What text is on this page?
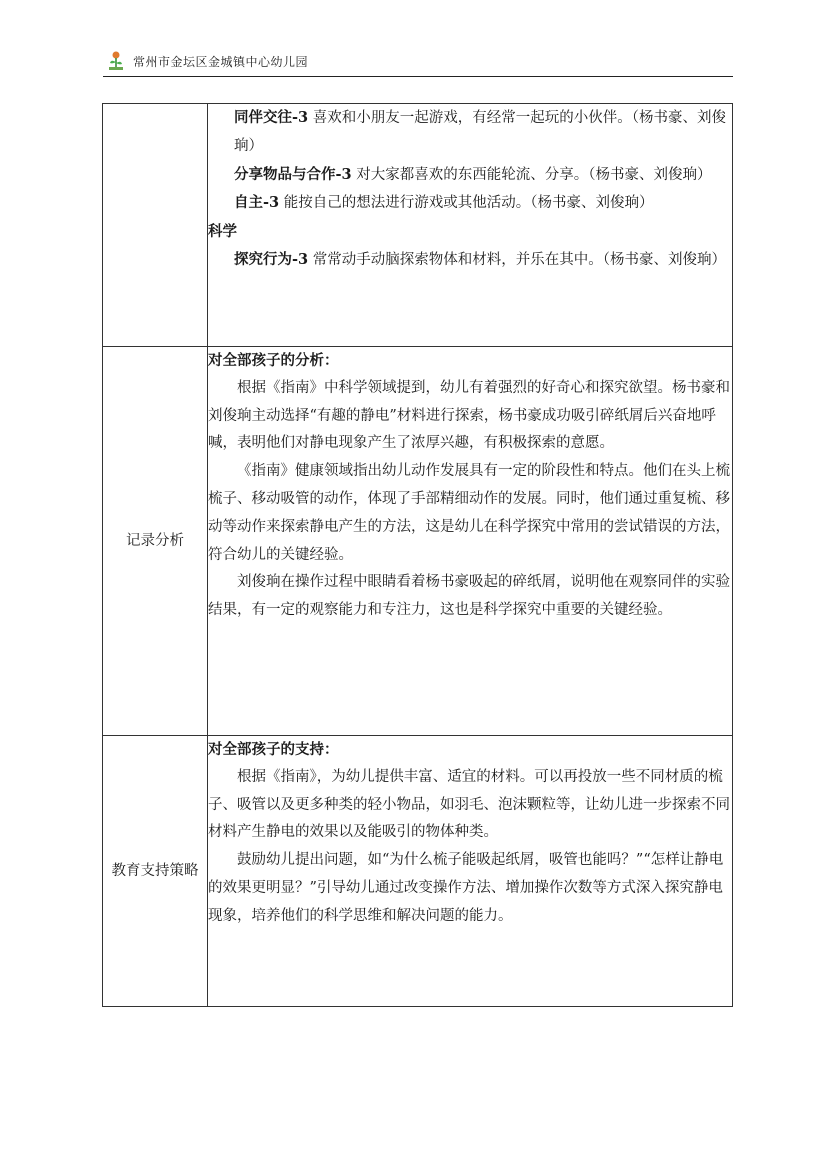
常州市金坛区金城镇中心幼儿园

	同伴交往-3 喜欢和小朋友一起游戏，有经常一起玩的小伙伴。（杨书豪、刘俊珦）

分享物品与合作-3 对大家都喜欢的东西能轮流、分享。（杨书豪、刘俊珦）

自主-3 能按自己的想法进行游戏或其他活动。（杨书豪、刘俊珦）

科学

探究行为-3 常常动手动脑探索物体和材料，并乐在其中。（杨书豪、刘俊珦）

记录分析	对全部孩子的分析：

根据《指南》中科学领域提到，幼儿有着强烈的好奇心和探究欲望。杨书豪和刘俊珦主动选择“有趣的静电”材料进行探索，杨书豪成功吸引碎纸屑后兴奋地呼喊，表明他们对静电现象产生了浓厚兴趣，有积极探索的意愿。

《指南》健康领域指出幼儿动作发展具有一定的阶段性和特点。他们在头上梳梳子、移动吸管的动作，体现了手部精细动作的发展。同时，他们通过重复梳、移动等动作来探索静电产生的方法，这是幼儿在科学探究中常用的尝试错误的方法，符合幼儿的关键经验。

刘俊珦在操作过程中眼睛看着杨书豪吸起的碎纸屑，说明他在观察同伴的实验结果，有一定的观察能力和专注力，这也是科学探究中重要的关键经验。

教育支持策略	对全部孩子的支持：

根据《指南》，为幼儿提供丰富、适宜的材料。可以再投放一些不同材质的梳子、吸管以及更多种类的轻小物品，如羽毛、泡沫颗粒等，让幼儿进一步探索不同材料产生静电的效果以及能吸引的物体种类。

鼓励幼儿提出问题，如“为什么梳子能吸起纸屑，吸管也能吗？”“怎样让静电的效果更明显？”引导幼儿通过改变操作方法、增加操作次数等方式深入探究静电现象，培养他们的科学思维和解决问题的能力。
